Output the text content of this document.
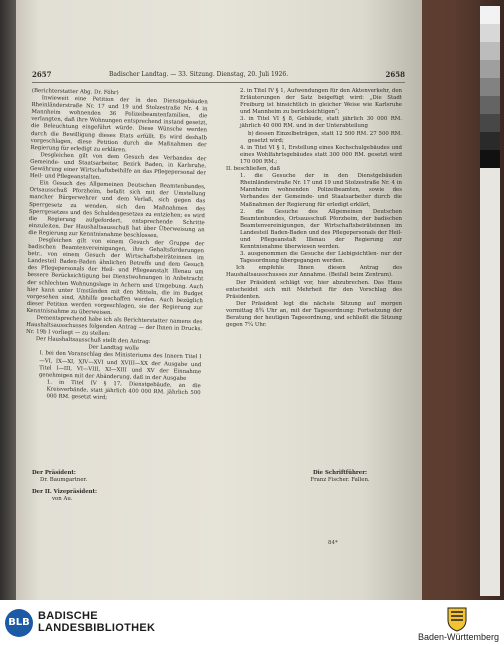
2657	Badischer Landtag. — 33. Sitzung. Dienstag, 20. Juli 1926.	2658

(Berichterstatter Abg. Dr. Föhr)

Inwieweit eine Petition der in den Dienstgebäuden Rheinländerstraße Nr. 17 und 19 und Stolzestraße Nr. 4 in Mannheim wohnenden 36 Polizeibeamtenfamilien, die verlangten, daß ihre Wohnungen entsprechend instand gesetzt, die Beleuchtung eingeführt würde. Diese Wünsche werden durch die Bewilligung dieses Etats erfüllt. Es wird deshalb vorgeschlagen, diese Petition durch die Maßnahmen der Regierung für erledigt zu erklären.

Desgleichen gilt von dem Gesuch des Verbandes der Gemeinde- und Staatsarbeiter, Bezirk Baden, in Karlsruhe, Gewährung einer Wirtschaftsbeihilfe an das Pflegepersonal der Heil- und Pflegeanstalten.

Ein Gesuch des Allgemeinen Deutschen Beamtenbundes, Ortsausschuß Pforzheim, befaßt sich mit der Umstellung mancher Bürgerwehrer und dem Verlaß, sich gegen das Sperrgesetz zu wenden, sich den Maßnahmen des Sperrgesetzes und des Schuldengesetzes zu entziehen; es wird die Regierung aufgefordert, entsprechende Schritte einzuleiten. Der Haushaltsausschuß hat über Überweisung an die Regierung zur Kenntnisnahme beschlossen.

Desgleichen gilt von einem Gesuch der Gruppe der badischen Beamtenvereinigungen, ihre Gehaltsforderungen betr., von einem Gesuch der Wirtschaftsbeiräteinnen im Landesteil Baden-Baden ähnlichen Betreffs und dem Gesuch des Pflegepersonals der Heil- und Pflegeanstalt Illenau um bessere Berücksichtigung bei Dienstwohnungen in Anbetracht der schlechten Wohnungslage in Achern und Umgebung. Auch hier kann unter Umständen mit den Mitteln, die im Budget vorgesehen sind, Abhilfe geschaffen werden. Auch bezüglich dieser Petition werden vorgeschlagen, sie der Regierung zur Kenntnisnahme zu überweisen.

Dementsprechend habe ich als Berichterstatter namens des Haushaltsausschusses folgenden Antrag — der Ihnen in Drucks. Nr. 19b I vorliegt — zu stellen:

Der Haushaltsausschuß stellt den Antrag:

Der Landtag wolle

I. bei den Voranschlag des Ministeriums des Innern Titel I—VI, IX—XI, XIV—XVI und XVIII—XX der Ausgabe und Titel I—III, VI—VIII, XI—XIII und XV der Einnahme genehmigen mit der Abänderung, daß in der Ausgabe

1. in Titel IV § 17, Dienstgebäude, an die Kreisverbände, statt jährlich 400 000 RM. jährlich 500 000 RM. gesetzt wird;

2. in Titel IV § 1, Aufwendungen für den Aktenverkehr, den Erläuterungen der Satz beigefügt wird: „Die Stadt Freiburg ist hinsichtlich in gleicher Weise wie Karlsruhe und Mannheim zu berücksichtigen“;

3. in Titel VI § 8, Gebäude, statt jährlich 30 000 RM. jährlich 40 000 RM. und in der Unterabteilung

b) dessen Einzelbeträgen, statt 12 500 RM. 27 500 RM. gesetzt wird;

4. in Titel VI § 1, Erstellung eines Kochschulgebäudes und eines Wohlfahrtsgebäudes statt 300 000 RM. gesetzt wird 170 000 RM.;

II. beschließen, daß

1. die Gesuche der in den Dienstgebäuden Rheinländerstraße Nr. 17 und 19 und Stolzestraße Nr. 4 in Mannheim wohnenden Polizeibeamten, sowie des Verbandes der Gemeinde- und Staatsarbeiter durch die Maßnahmen der Regierung für erledigt erklärt,

2. die Gesuche des Allgemeinen Deutschen Beamtenbundes, Ortsausschuß Pforzheim, der badischen Beamtenvereinigungen, der Wirtschaftsbeiräteinnen im Landesteil Baden-Baden und des Pflegepersonals der Heil- und Pflegeanstalt Illenau der Regierung zur Kenntnisnahme überwiesen werden.

3. ausgenommen die Gesuche der Liebigsichtlen- nur der Tagesordnung übergegangen werden.

Ich empfehle Ihnen diesen Antrag des Haushaltsausschusses zur Annahme. (Beifall beim Zentrum).

Der Präsident schlägt vor, hier abzubrechen. Das Haus entscheidet sich mit Mehrheit für den Vorschlag des Präsidenten.

Der Präsident legt die nächste Sitzung auf morgen vormittag 8¾ Uhr an, mit der Tagesordnung: Fortsetzung der Beratung der heutigen Tagesordnung, und schließt die Sitzung gegen 7¼ Uhr.

Der Präsident:
Dr. Baumgartner.
Der II. Vizepräsident:
von Au.
Die Schriftführer:
Franz Fischer. Fallen.
84*
BLB
BADISCHE
LANDESBIBLIOTHEK
Baden-Württemberg
